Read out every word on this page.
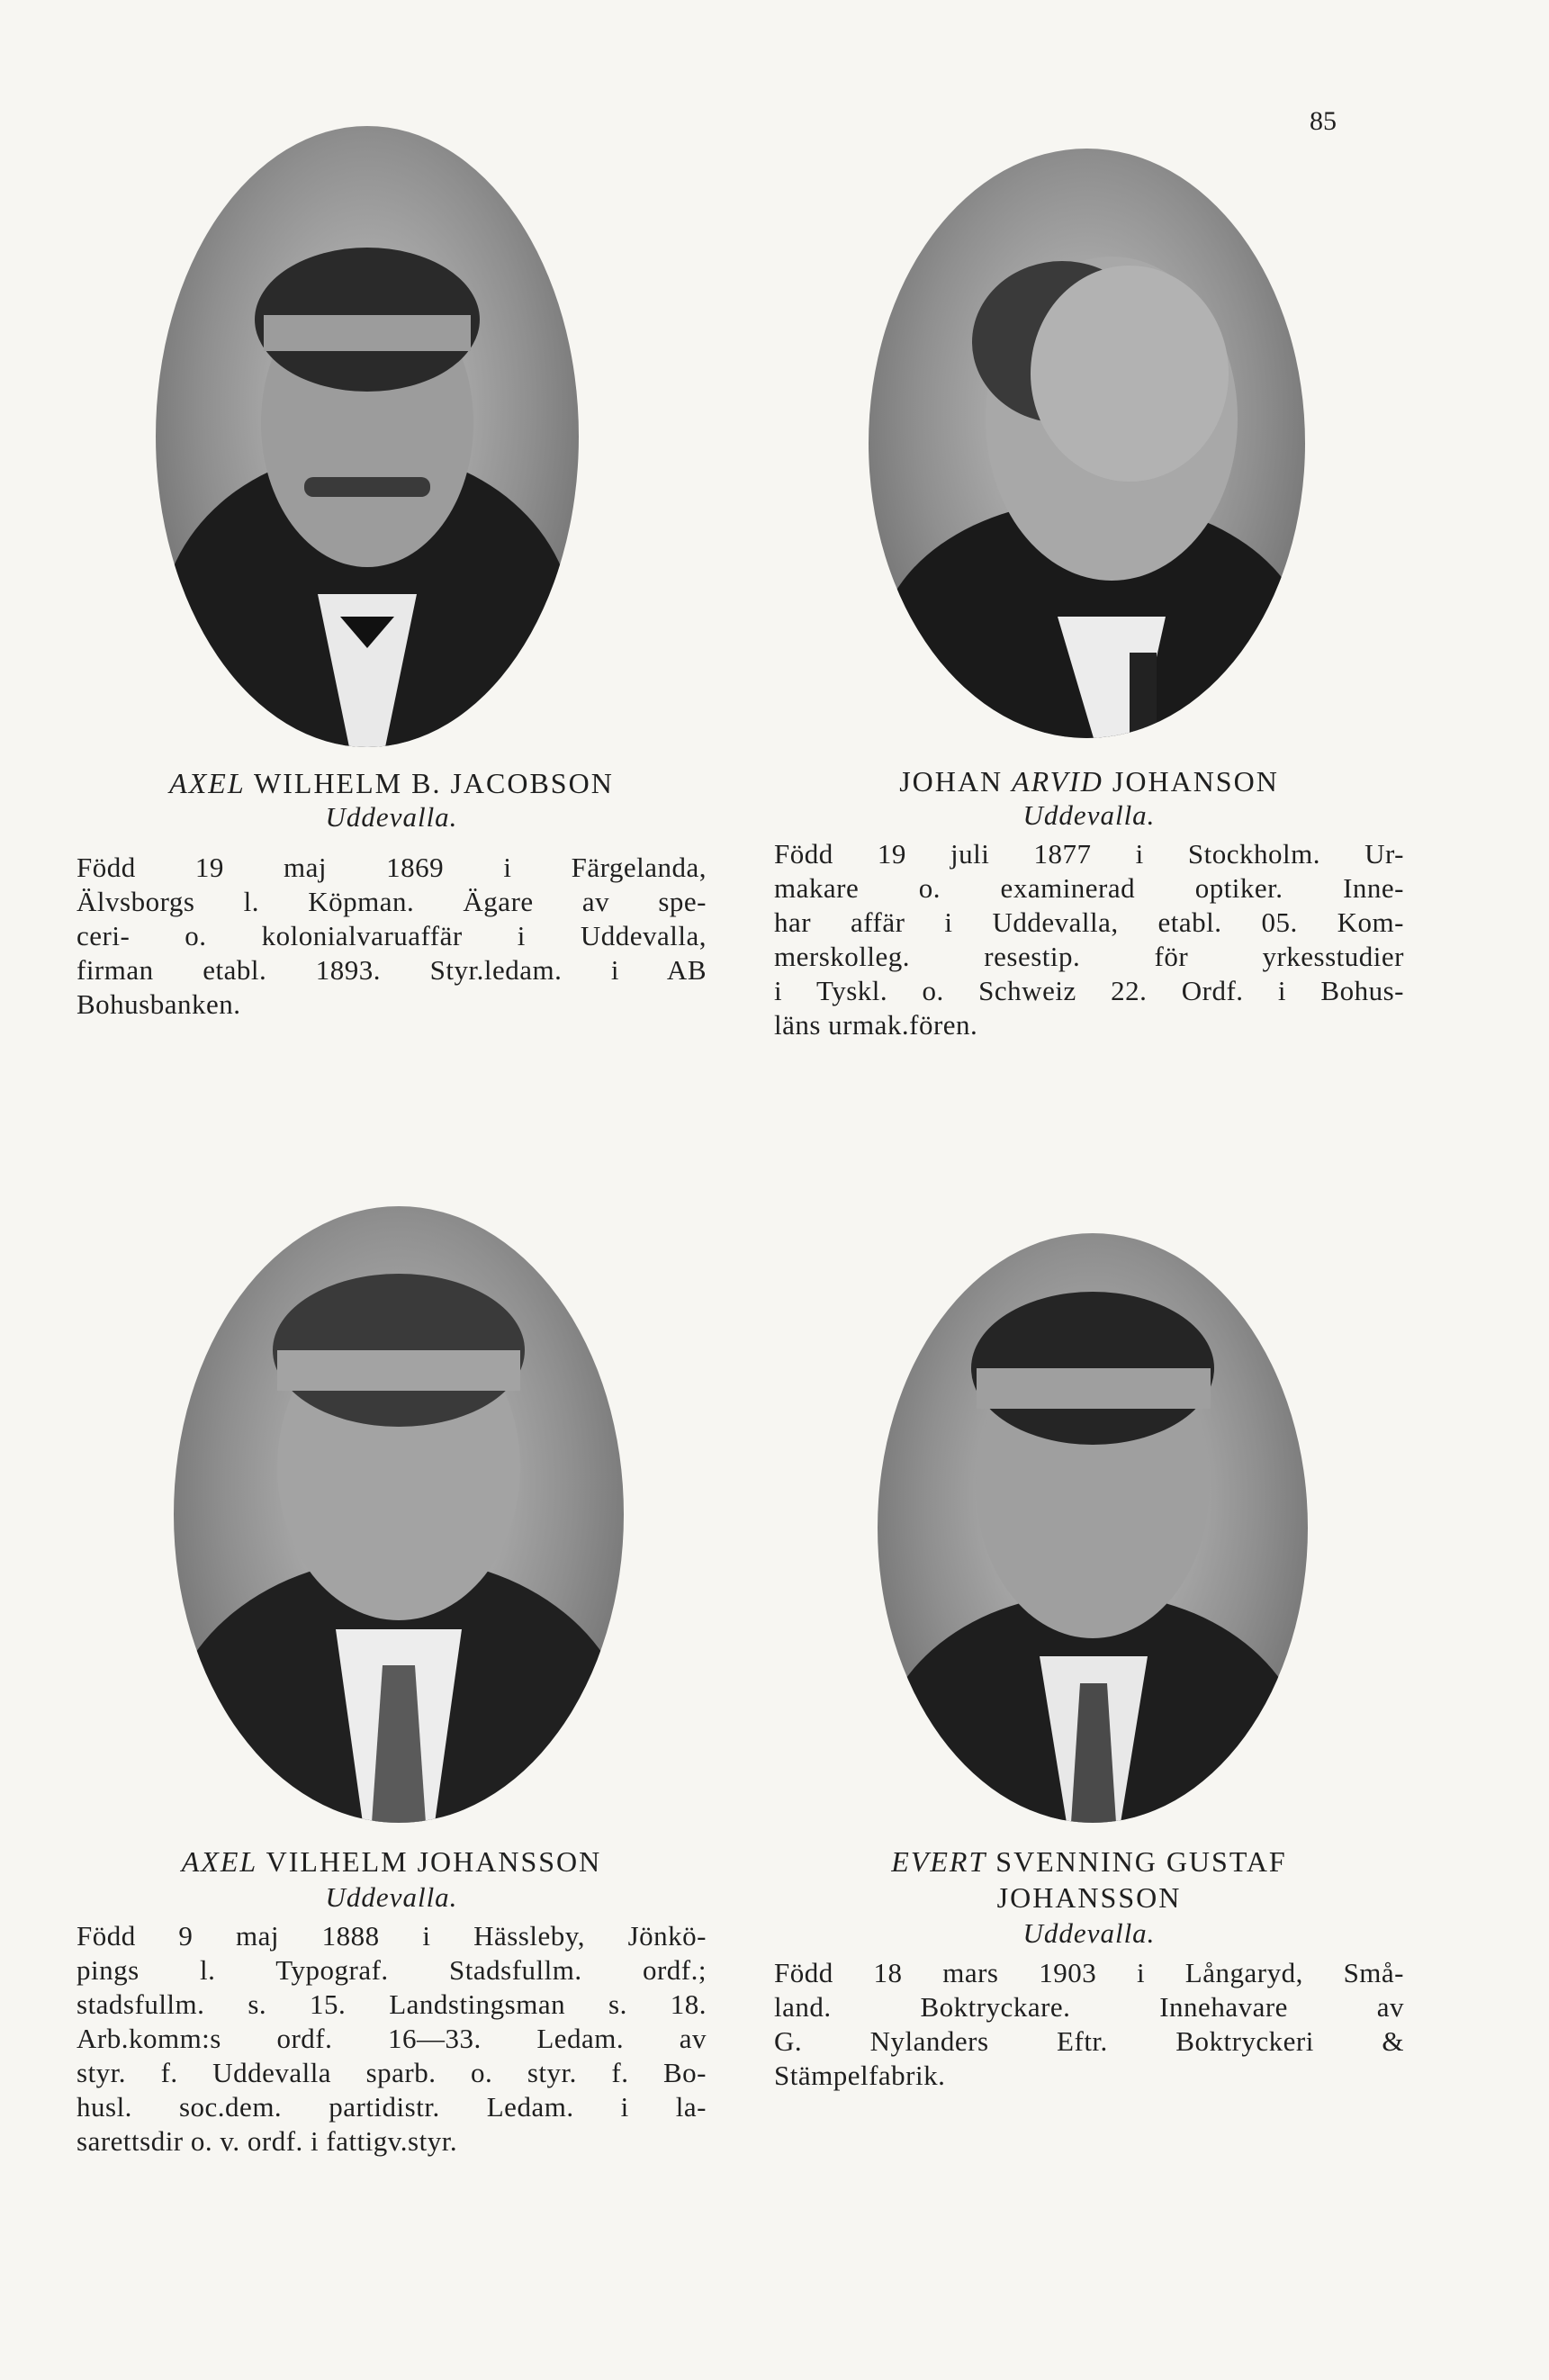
85
AXEL WILHELM B. JACOBSON
Uddevalla.
Född 19 maj 1869 i Färgelanda,
Älvsborgs l. Köpman. Ägare av spe-
ceri- o. kolonialvaruaffär i Uddevalla,
firman etabl. 1893. Styr.ledam. i AB
Bohusbanken.
JOHAN ARVID JOHANSON
Uddevalla.
Född 19 juli 1877 i Stockholm. Ur-
makare o. examinerad optiker. Inne-
har affär i Uddevalla, etabl. 05. Kom-
merskolleg. resestip. för yrkesstudier
i Tyskl. o. Schweiz 22. Ordf. i Bohus-
läns urmak.fören.
AXEL VILHELM JOHANSSON
Uddevalla.
Född 9 maj 1888 i Hässleby, Jönkö-
pings l. Typograf. Stadsfullm. ordf.;
stadsfullm. s. 15. Landstingsman s. 18.
Arb.komm:s ordf. 16—33. Ledam. av
styr. f. Uddevalla sparb. o. styr. f. Bo-
husl. soc.dem. partidistr. Ledam. i la-
sarettsdir o. v. ordf. i fattigv.styr.
EVERT SVENNING GUSTAF
JOHANSSON
Uddevalla.
Född 18 mars 1903 i Långaryd, Små-
land. Boktryckare. Innehavare av
G. Nylanders Eftr. Boktryckeri &
Stämpelfabrik.
